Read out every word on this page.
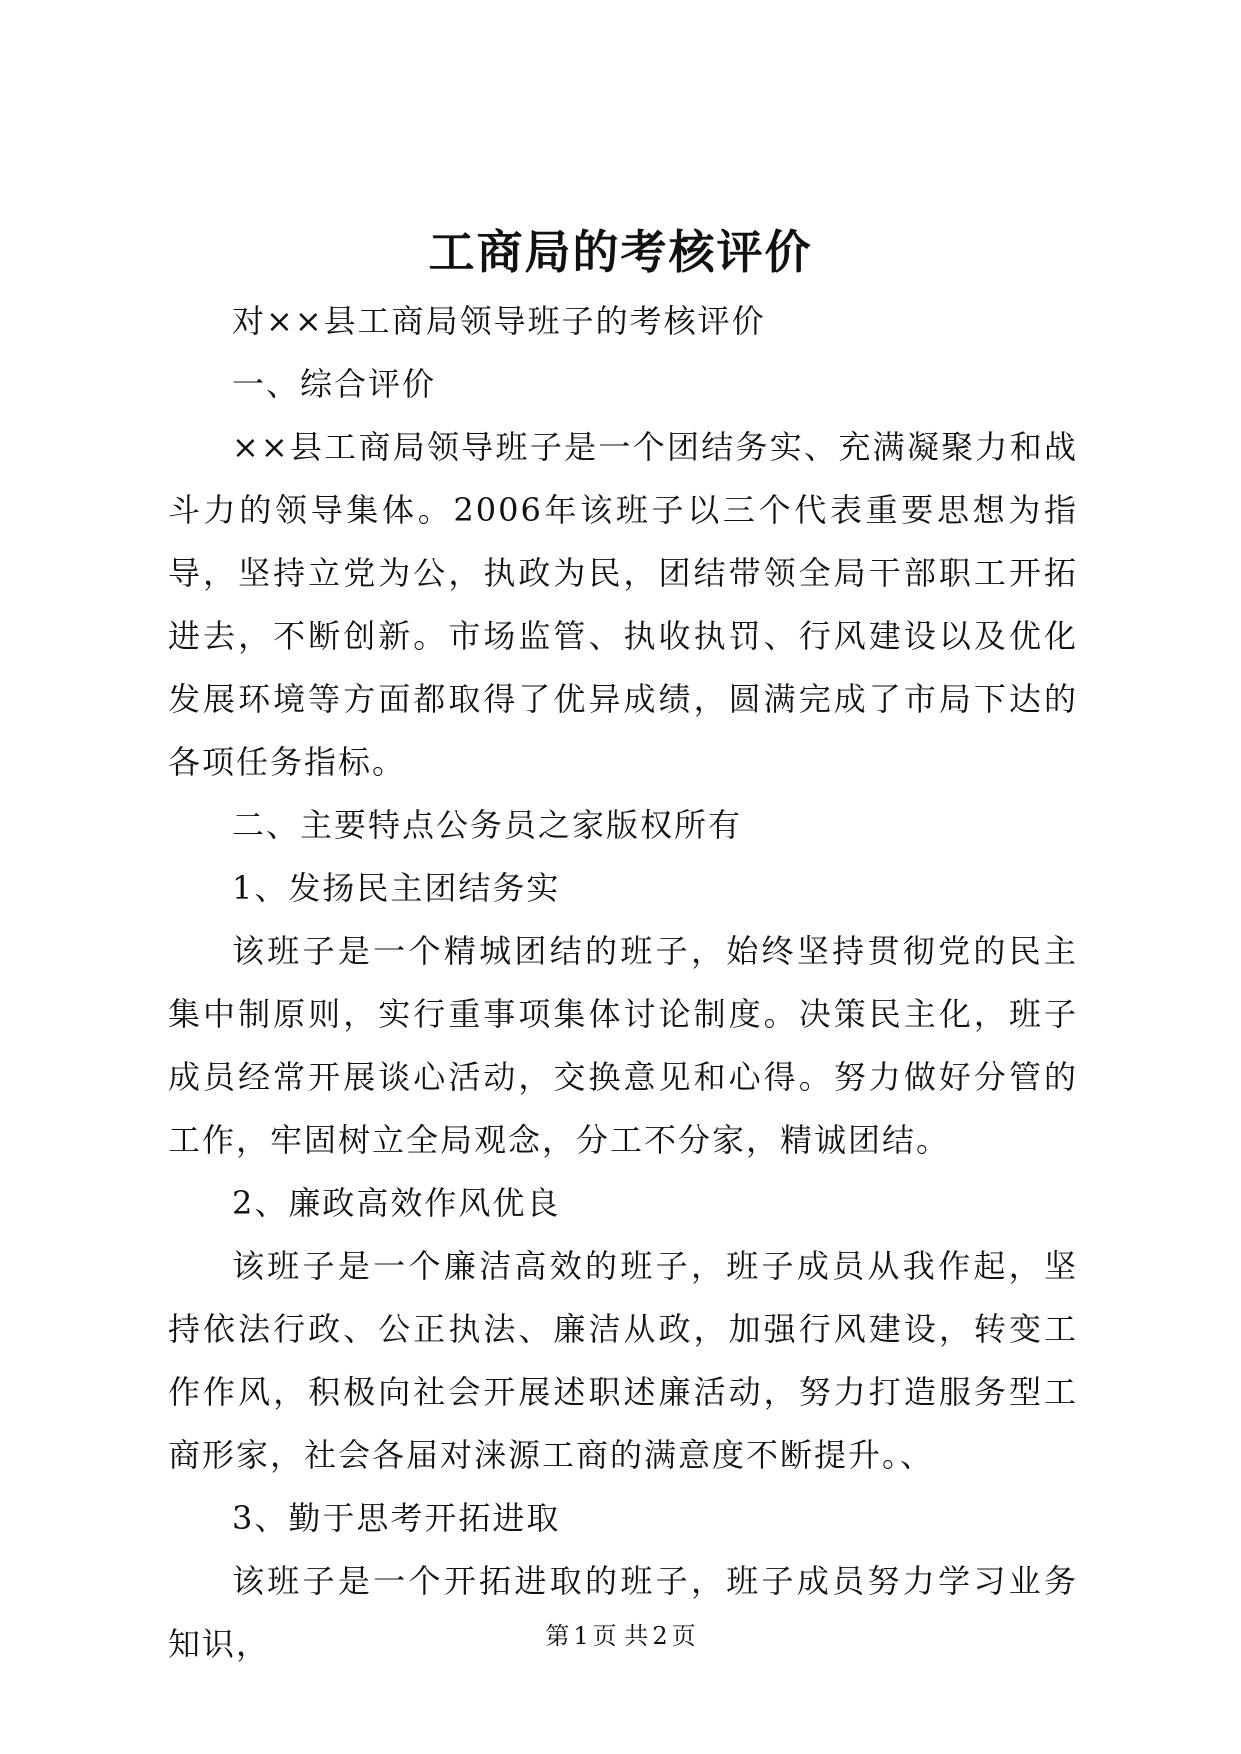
工商局的考核评价

对××县工商局领导班子的考核评价

一、综合评价

××县工商局领导班子是一个团结务实、充满凝聚力和战斗力的领导集体。2006年该班子以三个代表重要思想为指导，坚持立党为公，执政为民，团结带领全局干部职工开拓进去，不断创新。市场监管、执收执罚、行风建设以及优化发展环境等方面都取得了优异成绩，圆满完成了市局下达的各项任务指标。

二、主要特点公务员之家版权所有

1、发扬民主团结务实

该班子是一个精城团结的班子，始终坚持贯彻党的民主集中制原则，实行重事项集体讨论制度。决策民主化，班子成员经常开展谈心活动，交换意见和心得。努力做好分管的工作，牢固树立全局观念，分工不分家，精诚团结。

2、廉政高效作风优良

该班子是一个廉洁高效的班子，班子成员从我作起，坚持依法行政、公正执法、廉洁从政，加强行风建设，转变工作作风，积极向社会开展述职述廉活动，努力打造服务型工商形家，社会各届对涞源工商的满意度不断提升。、

3、勤于思考开拓进取

该班子是一个开拓进取的班子，班子成员努力学习业务知识，	第 1 页 共 2 页
